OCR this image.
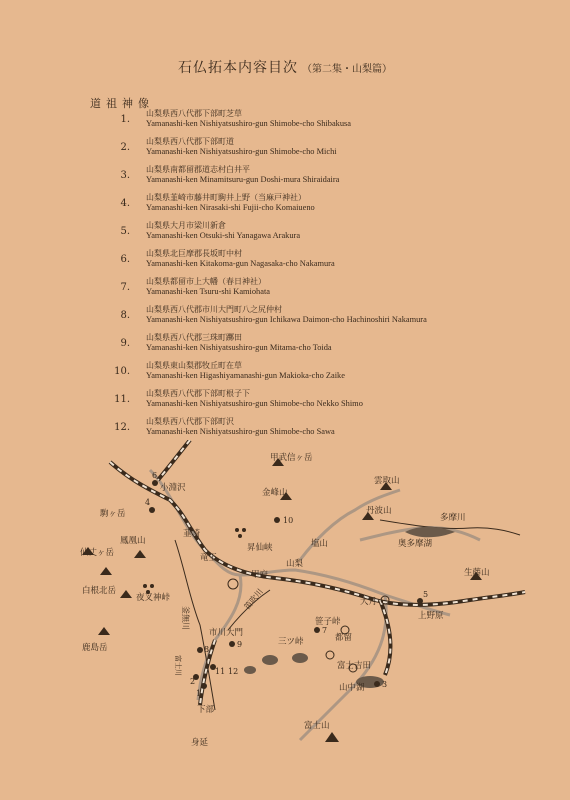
石仏拓本内容目次 （第二集・山梨篇）
道祖神像
1.
山梨県西八代郡下部町芝草
Yamanashi-ken Nishiyatsushiro-gun Shimobe-cho Shibakusa
2.
山梨県西八代郡下部町道
Yamanashi-ken Nishiyatsushiro-gun Shimobe-cho Michi
3.
山梨県南都留郡道志村白井平
Yamanashi-ken Minamitsuru-gun Doshi-mura Shiraidaira
4.
山梨県韮崎市藤井町駒井上野（当麻戸神社）
Yamanashi-ken Nirasaki-shi Fujii-cho Komaiueno
5.
山梨県大月市梁川新倉
Yamanashi-ken Otsuki-shi Yanagawa Arakura
6.
山梨県北巨摩郡長坂町中村
Yamanashi-ken Kitakoma-gun Nagasaka-cho Nakamura
7.
山梨県都留市上大幡（春日神社）
Yamanashi-ken Tsuru-shi Kamiohata
8.
山梨県西八代郡市川大門町八之尻仲村
Yamanashi-ken Nishiyatsushiro-gun Ichikawa Daimon-cho Hachinoshiri Nakamura
9.
山梨県西八代郡三珠町躑田
Yamanashi-ken Nishiyatsushiro-gun Mitama-cho Toida
10.
山梨県東山梨郡牧丘町在草
Yamanashi-ken Higashiyamanashi-gun Makioka-cho Zaike
11.
山梨県西八代郡下部町根子下
Yamanashi-ken Nishiyatsushiro-gun Shimobe-cho Nekko Shimo
12.
山梨県西八代郡下部町沢
Yamanashi-ken Nishiyatsushiro-gun Shimobe-cho Sawa
6
4
10
5
7
8
9
11 12
2
1
3
甲武信ヶ岳
雲取山
金峰山
丹波山
多摩川
奥多摩湖
駒ヶ岳
小淵沢
韮崎
昇仙峡
竜王
塩山
山梨
甲府
仙丈ヶ岳
鳳凰山
白根北岳
夜叉神峠
釜無川
笛吹川
市川大門
笹子峠
大月
上野原
生藤山
三ツ峠	都留
富士吉田
山中湖
鹿島岳
下部
富士山
身延
富士川
